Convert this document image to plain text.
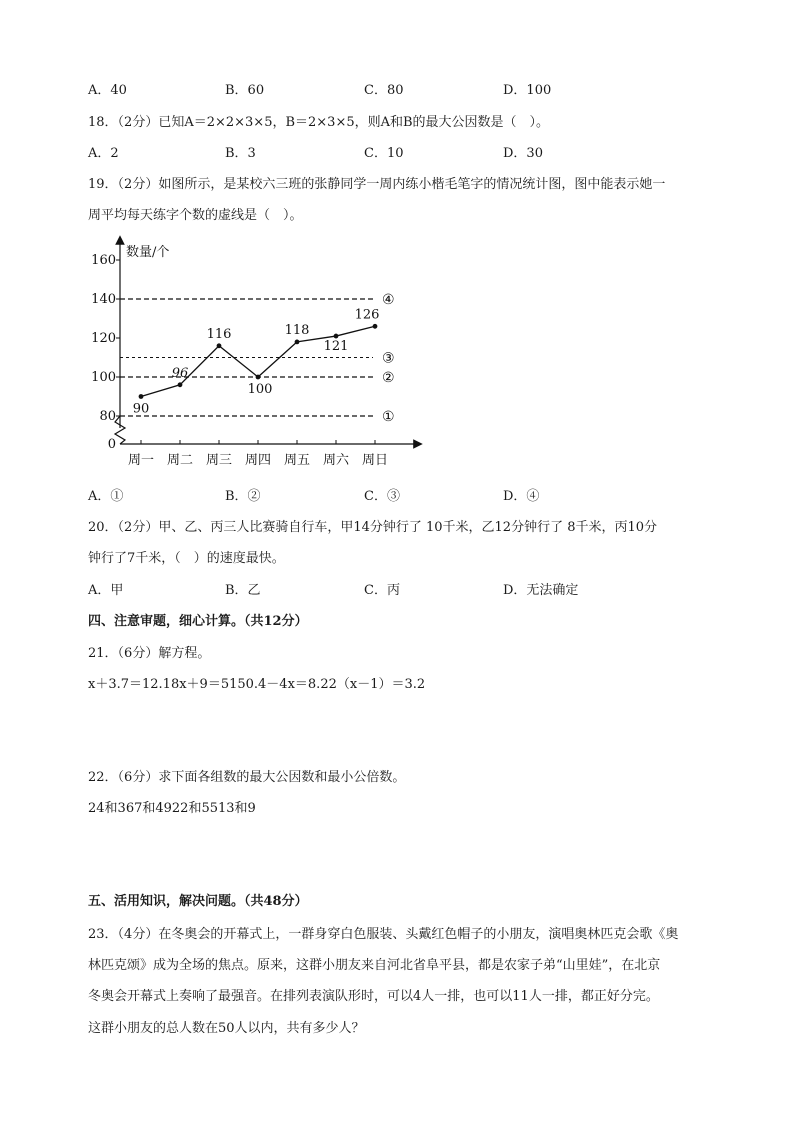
A．40	B．60	C．80	D．100
18．（2分）已知A＝2×2×3×5，B＝2×3×5，则A和B的最大公因数是（　）。
A．2	B．3	C．10	D．30
19．（2分）如图所示，是某校六三班的张静同学一周内练小楷毛笔字的情况统计图，图中能表示她一
周平均每天练字个数的虚线是（　）。
数量/个
0
80
100
120
140
160
①
②
③
④
周一 周二 周三 周四 周五 周六 周日
90
96
116
100
118
121
126
A．①	B．②	C．③	D．④
20．（2分）甲、乙、丙三人比赛骑自行车，甲14分钟行了 10千米，乙12分钟行了 8千米，丙10分
钟行了7千米，（　）的速度最快。
A．甲	B．乙	C．丙	D．无法确定
四、注意审题，细心计算。（共12分）
21．（6分）解方程。
x＋3.7＝12.18x＋9＝5150.4－4x＝8.22（x－1）＝3.2
22．（6分）求下面各组数的最大公因数和最小公倍数。
24和367和4922和5513和9
五、活用知识，解决问题。（共48分）
23．（4分）在冬奥会的开幕式上，一群身穿白色服装、头戴红色帽子的小朋友，演唱奥林匹克会歌《奥
林匹克颂》成为全场的焦点。原来，这群小朋友来自河北省阜平县，都是农家子弟“山里娃”，在北京
冬奥会开幕式上奏响了最强音。在排列表演队形时，可以4人一排，也可以11人一排，都正好分完。
这群小朋友的总人数在50人以内，共有多少人？
